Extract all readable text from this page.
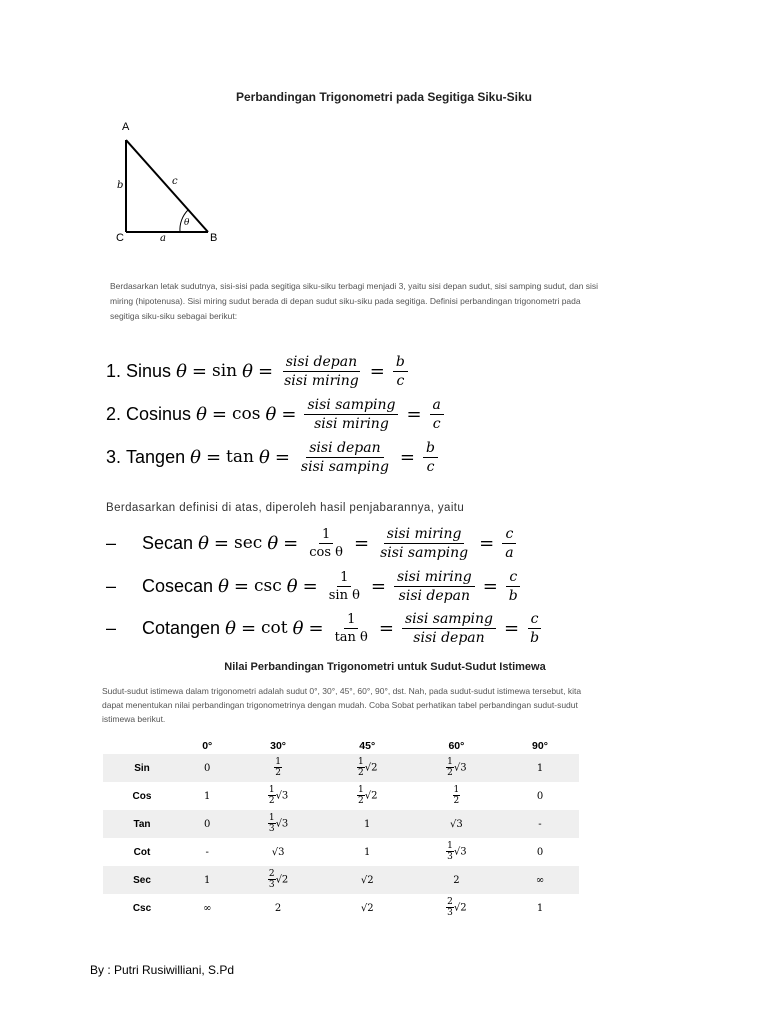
Perbandingan Trigonometri pada Segitiga Siku-Siku
A
B
C	a
b	c
θ
Berdasarkan letak sudutnya, sisi-sisi pada segitiga siku-siku terbagi menjadi 3, yaitu sisi depan sudut, sisi samping sudut, dan sisi
miring (hipotenusa). Sisi miring sudut berada di depan sudut siku-siku pada segitiga. Definisi perbandingan trigonometri pada
segitiga siku-siku sebagai berikut:
1.
Sinus
θ = sin
$\theta = \frac{\text{sisi depan}}{\text{sisi miring}} = \frac{b}{c}$
2.
Cosinus
θ = cos
$\theta = \frac{\text{sisi samping}}{\text{sisi miring}} = \frac{a}{c}$
3.
Tangen
θ = tan
$\theta = \frac{\text{sisi depan}}{\text{sisi samping}} = \frac{b}{c}$
Berdasarkan definisi di atas, diperoleh hasil penjabarannya, yaitu
–	Secan
θ = sec
$\theta = \frac{1}{\text{cos θ}} = \frac{\text{sisi miring}}{\text{sisi samping}} = \frac{c}{a}$
–	Cosecan
θ = csc
$\theta = \frac{1}{\text{sin θ}} = \frac{\text{sisi miring}}{\text{sisi depan}} = \frac{c}{b}$
–	Cotangen
θ = cot
$\theta = \frac{1}{\text{tan θ}} = \frac{\text{sisi samping}}{\text{sisi depan}} = \frac{c}{b}$
Nilai Perbandingan Trigonometri untuk Sudut-Sudut Istimewa
Sudut-sudut istimewa dalam trigonometri adalah sudut 0°, 30°, 45°, 60°, 90°, dst. Nah, pada sudut-sudut istimewa tersebut, kita
dapat menentukan nilai perbandingan trigonometrinya dengan mudah. Coba Sobat perhatikan tabel perbandingan sudut-sudut
istimewa berikut.
	0°	30°	45°	60°	90°
Sin	0	$\frac{1}{2}$	$\frac{1}{2} √2$	$\frac{1}{2} √3$	1
Cos	1	$\frac{1}{2} √3$	$\frac{1}{2} √2$	$\frac{1}{2}$	0
Tan	0	$\frac{1}{3} √3$	1	√3	-
Cot	-	√3	1	$\frac{1}{3} √3$	0
Sec	1	$\frac{2}{3} √2$	√2	2	∞
Csc	∞	2	√2	$\frac{2}{3} √2$	1
By : Putri Rusiwilliani, S.Pd
